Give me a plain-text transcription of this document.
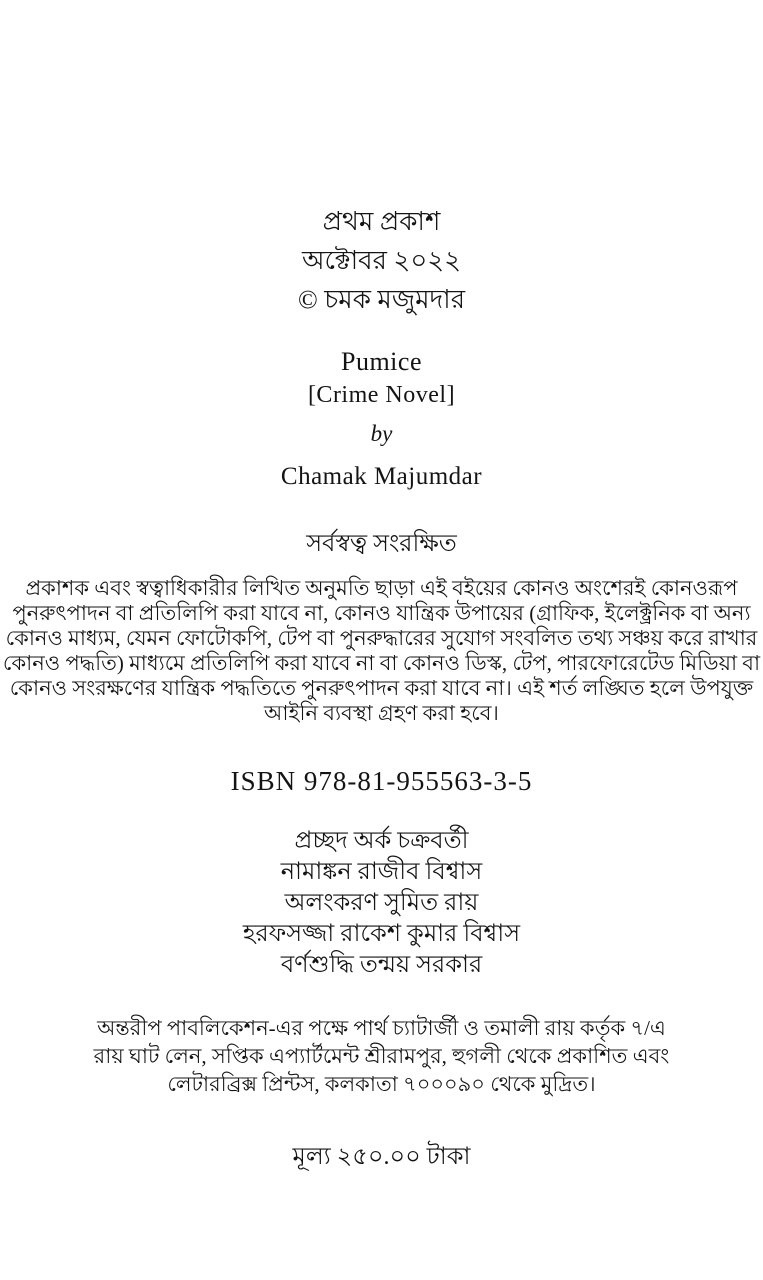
প্রথম প্রকাশ
অক্টোবর ২০২২
© চমক মজুমদার
Pumice
[Crime Novel]
by
Chamak Majumdar
সর্বস্বত্ব সংরক্ষিত
প্রকাশক এবং স্বত্বাধিকারীর লিখিত অনুমতি ছাড়া এই বইয়ের কোনও অংশেরই কোনওরূপ
পুনরুৎপাদন বা প্রতিলিপি করা যাবে না, কোনও যান্ত্রিক উপায়ের (গ্রাফিক, ইলেক্ট্রনিক বা অন্য
কোনও মাধ্যম, যেমন ফোটোকপি, টেপ বা পুনরুদ্ধারের সুযোগ সংবলিত তথ্য সঞ্চয় করে রাখার
কোনও পদ্ধতি) মাধ্যমে প্রতিলিপি করা যাবে না বা কোনও ডিস্ক, টেপ, পারফোরেটেড মিডিয়া বা
কোনও সংরক্ষণের যান্ত্রিক পদ্ধতিতে পুনরুৎপাদন করা যাবে না। এই শর্ত লঙ্ঘিত হলে উপযুক্ত
আইনি ব্যবস্থা গ্রহণ করা হবে।
ISBN 978-81-955563-3-5
প্রচ্ছদ অর্ক চক্রবর্তী
নামাঙ্কন রাজীব বিশ্বাস
অলংকরণ সুমিত রায়
হরফসজ্জা রাকেশ কুমার বিশ্বাস
বর্ণশুদ্ধি তন্ময় সরকার
অন্তরীপ পাবলিকেশন-এর পক্ষে পার্থ চ্যাটার্জী ও তমালী রায় কর্তৃক ৭/এ
রায় ঘাট লেন, সপ্তিক এপ্যার্টমেন্ট শ্রীরামপুর, হুগলী থেকে প্রকাশিত এবং
লেটারব্রিক্স প্রিন্টস, কলকাতা ৭০০০৯০ থেকে মুদ্রিত।
মূল্য ২৫০.০০ টাকা
